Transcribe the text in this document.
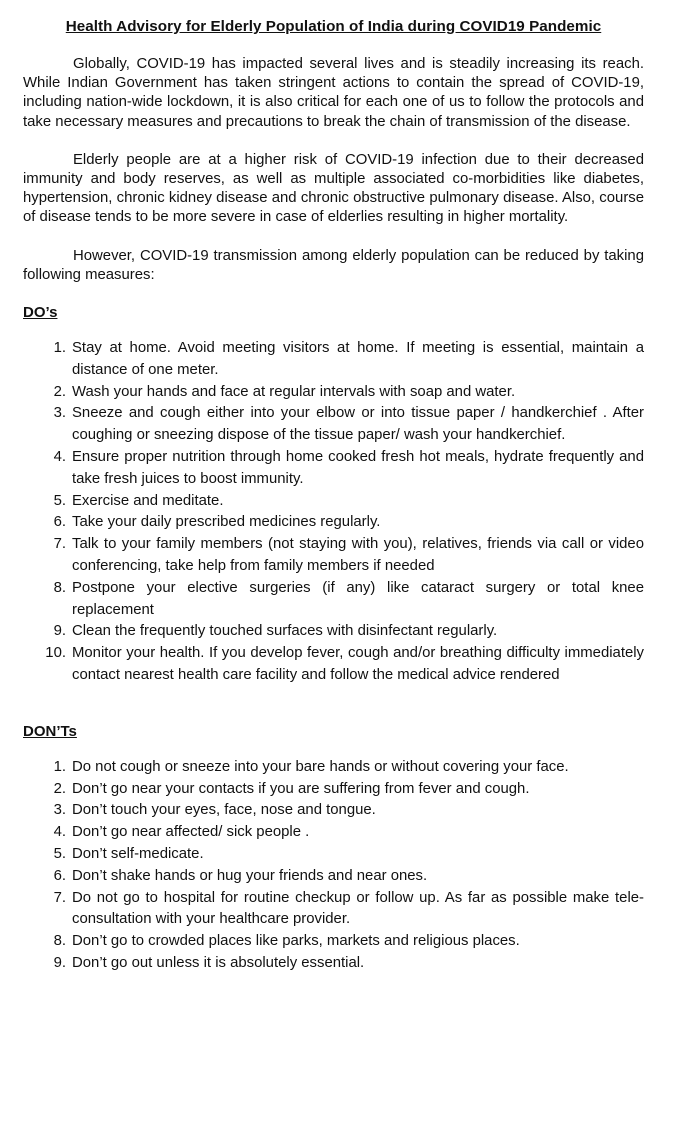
Health Advisory for Elderly Population of India during COVID19 Pandemic

Globally, COVID-19 has impacted several lives and is steadily increasing its reach. While Indian Government has taken stringent actions to contain the spread of COVID-19, including nation-wide lockdown, it is also critical for each one of us to follow the protocols and take necessary measures and precautions to break the chain of transmission of the disease.

Elderly people are at a higher risk of COVID-19 infection due to their decreased immunity and body reserves, as well as multiple associated co-morbidities like diabetes, hypertension, chronic kidney disease and chronic obstructive pulmonary disease. Also, course of disease tends to be more severe in case of elderlies resulting in higher mortality.

However, COVID-19 transmission among elderly population can be reduced by taking following measures:

DO’s
1. Stay at home. Avoid meeting visitors at home. If meeting is essential, maintain a distance of one meter.
2. Wash your hands and face at regular intervals with soap and water.
3. Sneeze and cough either into your elbow or into tissue paper / handkerchief . After coughing or sneezing dispose of the tissue paper/ wash your handkerchief.
4. Ensure proper nutrition through home cooked fresh hot meals, hydrate frequently and take fresh juices to boost immunity.
5. Exercise and meditate.
6. Take your daily prescribed medicines regularly.
7. Talk to your family members (not staying with you), relatives, friends via call or video conferencing, take help from family members if needed
8. Postpone your elective surgeries (if any) like cataract surgery or total knee replacement
9. Clean the frequently touched surfaces with disinfectant regularly.
10. Monitor your health. If you develop fever, cough and/or breathing difficulty immediately contact nearest health care facility and follow the medical advice rendered
DON’Ts
1. Do not cough or sneeze into your bare hands or without covering your face.
2. Don’t go near your contacts if you are suffering from fever and cough.
3. Don’t touch your eyes, face, nose and tongue.
4. Don’t go near affected/ sick people .
5. Don’t self-medicate.
6. Don’t shake hands or hug your friends and near ones.
7. Do not go to hospital for routine checkup or follow up. As far as possible make tele-consultation with your healthcare provider.
8. Don’t go to crowded places like parks, markets and religious places.
9. Don’t go out unless it is absolutely essential.
